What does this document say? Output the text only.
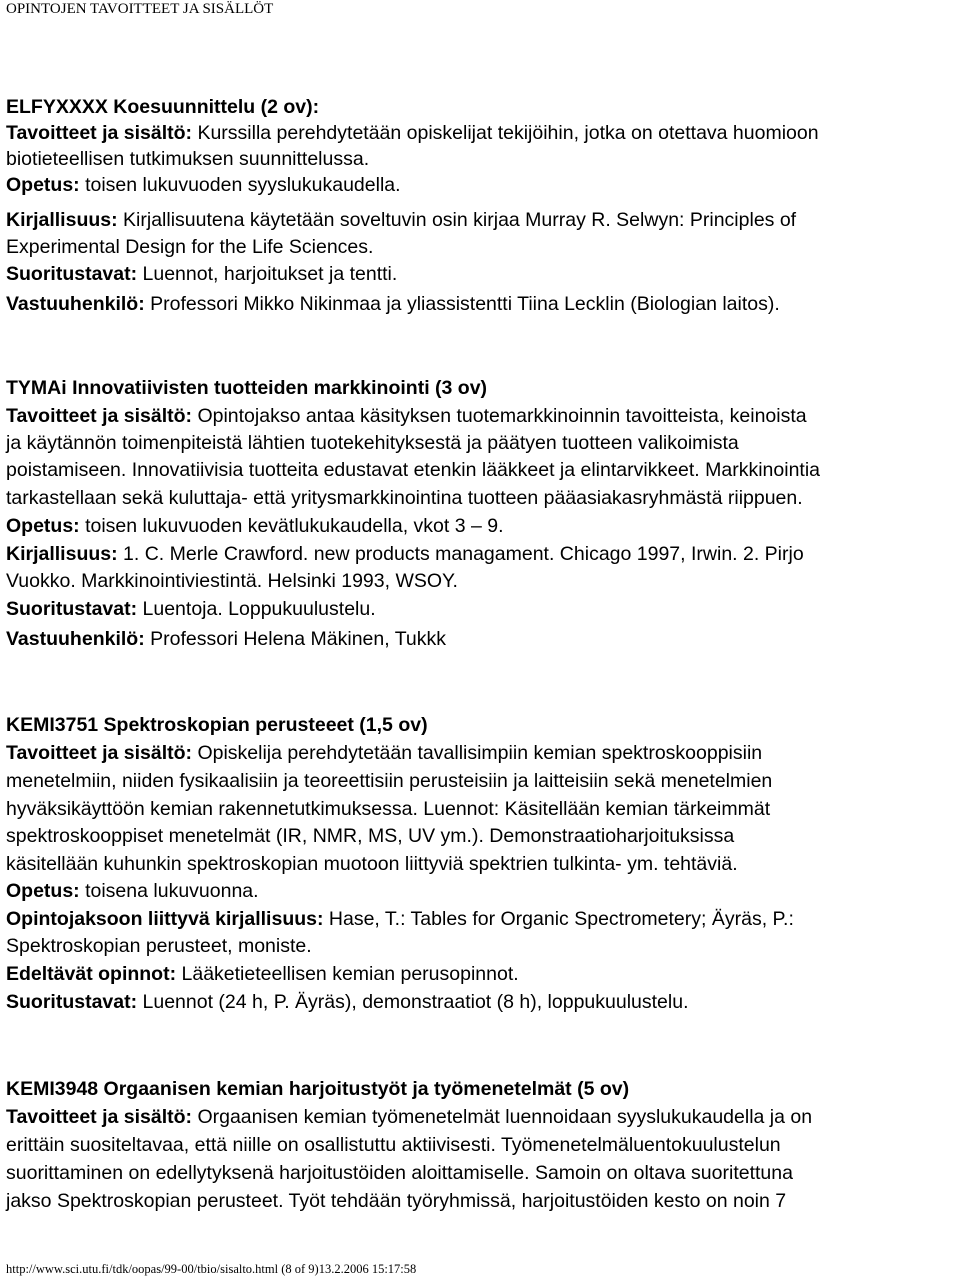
OPINTOJEN TAVOITTEET JA SISÄLLÖT
ELFYXXXX Koesuunnittelu (2 ov):
Tavoitteet ja sisältö: Kurssilla perehdytetään opiskelijat tekijöihin, jotka on otettava huomioon
biotieteellisen tutkimuksen suunnittelussa.
Opetus: toisen lukuvuoden syyslukukaudella.
Kirjallisuus: Kirjallisuutena käytetään soveltuvin osin kirjaa Murray R. Selwyn: Principles of
Experimental Design for the Life Sciences.
Suoritustavat: Luennot, harjoitukset ja tentti.
Vastuuhenkilö: Professori Mikko Nikinmaa ja yliassistentti Tiina Lecklin (Biologian laitos).
TYMAi Innovatiivisten tuotteiden markkinointi (3 ov)
Tavoitteet ja sisältö: Opintojakso antaa käsityksen tuotemarkkinoinnin tavoitteista, keinoista
ja käytännön toimenpiteistä lähtien tuotekehityksestä ja päätyen tuotteen valikoimista
poistamiseen. Innovatiivisia tuotteita edustavat etenkin lääkkeet ja elintarvikkeet. Markkinointia
tarkastellaan sekä kuluttaja- että yritysmarkkinointina tuotteen pääasiakasryhmästä riippuen.
Opetus: toisen lukuvuoden kevätlukukaudella, vkot 3 – 9.
Kirjallisuus: 1. C. Merle Crawford. new products managament. Chicago 1997, Irwin. 2. Pirjo
Vuokko. Markkinointiviestintä. Helsinki 1993, WSOY.
Suoritustavat: Luentoja. Loppukuulustelu.
Vastuuhenkilö: Professori Helena Mäkinen, Tukkk
KEMI3751 Spektroskopian perusteeet (1,5 ov)
Tavoitteet ja sisältö: Opiskelija perehdytetään tavallisimpiin kemian spektroskooppisiin
menetelmiin, niiden fysikaalisiin ja teoreettisiin perusteisiin ja laitteisiin sekä menetelmien
hyväksikäyttöön kemian rakennetutkimuksessa. Luennot: Käsitellään kemian tärkeimmät
spektroskooppiset menetelmät (IR, NMR, MS, UV ym.). Demonstraatioharjoituksissa
käsitellään kuhunkin spektroskopian muotoon liittyviä spektrien tulkinta- ym. tehtäviä.
Opetus: toisena lukuvuonna.
Opintojaksoon liittyvä kirjallisuus: Hase, T.: Tables for Organic Spectrometery; Äyräs, P.:
Spektroskopian perusteet, moniste.
Edeltävät opinnot: Lääketieteellisen kemian perusopinnot.
Suoritustavat: Luennot (24 h, P. Äyräs), demonstraatiot (8 h), loppukuulustelu.
KEMI3948 Orgaanisen kemian harjoitustyöt ja työmenetelmät (5 ov)
Tavoitteet ja sisältö: Orgaanisen kemian työmenetelmät luennoidaan syyslukukaudella ja on
erittäin suositeltavaa, että niille on osallistuttu aktiivisesti. Työmenetelmäluentokuulustelun
suorittaminen on edellytyksenä harjoitustöiden aloittamiselle. Samoin on oltava suoritettuna
jakso Spektroskopian perusteet. Työt tehdään työryhmissä, harjoitustöiden kesto on noin 7
http://www.sci.utu.fi/tdk/oopas/99-00/tbio/sisalto.html (8 of 9)13.2.2006 15:17:58
